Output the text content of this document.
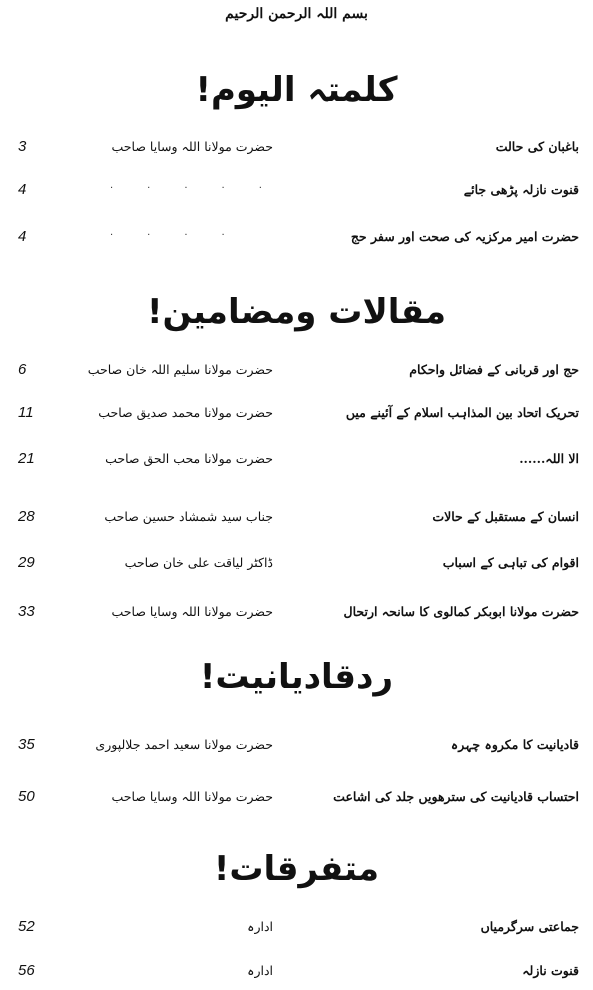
بسم اللہ الرحمن الرحیم
کلمتہ الیوم!
3	حضرت مولانا اللہ وسایا صاحب	باغبان کی حالت
4	·····	قنوت نازلہ پڑھی جائے
4	····	حضرت امیر مرکزیہ کی صحت اور سفر حج
مقالات ومضامین!
6	حضرت مولانا سلیم اللہ خان صاحب	حج اور قربانی کے فضائل واحکام
11	حضرت مولانا محمد صدیق صاحب	تحریک اتحاد بین المذاہب اسلام کے آئینے میں
21	حضرت مولانا محب الحق صاحب	الا اللہ......
28	جناب سید شمشاد حسین صاحب	انسان کے مستقبل کے حالات
29	ڈاکٹر لیاقت علی خان صاحب	اقوام کی تباہی کے اسباب
33	حضرت مولانا اللہ وسایا صاحب	حضرت مولانا ابوبکر کمالوی کا سانحہ ارتحال
ردقادیانیت!
35	حضرت مولانا سعید احمد جلالپوری	قادیانیت کا مکروہ چہرہ
50	حضرت مولانا اللہ وسایا صاحب	احتساب قادیانیت کی سترھویں جلد کی اشاعت
متفرقات!
52	ادارہ	جماعتی سرگرمیاں
56	ادارہ	قنوت نازلہ
